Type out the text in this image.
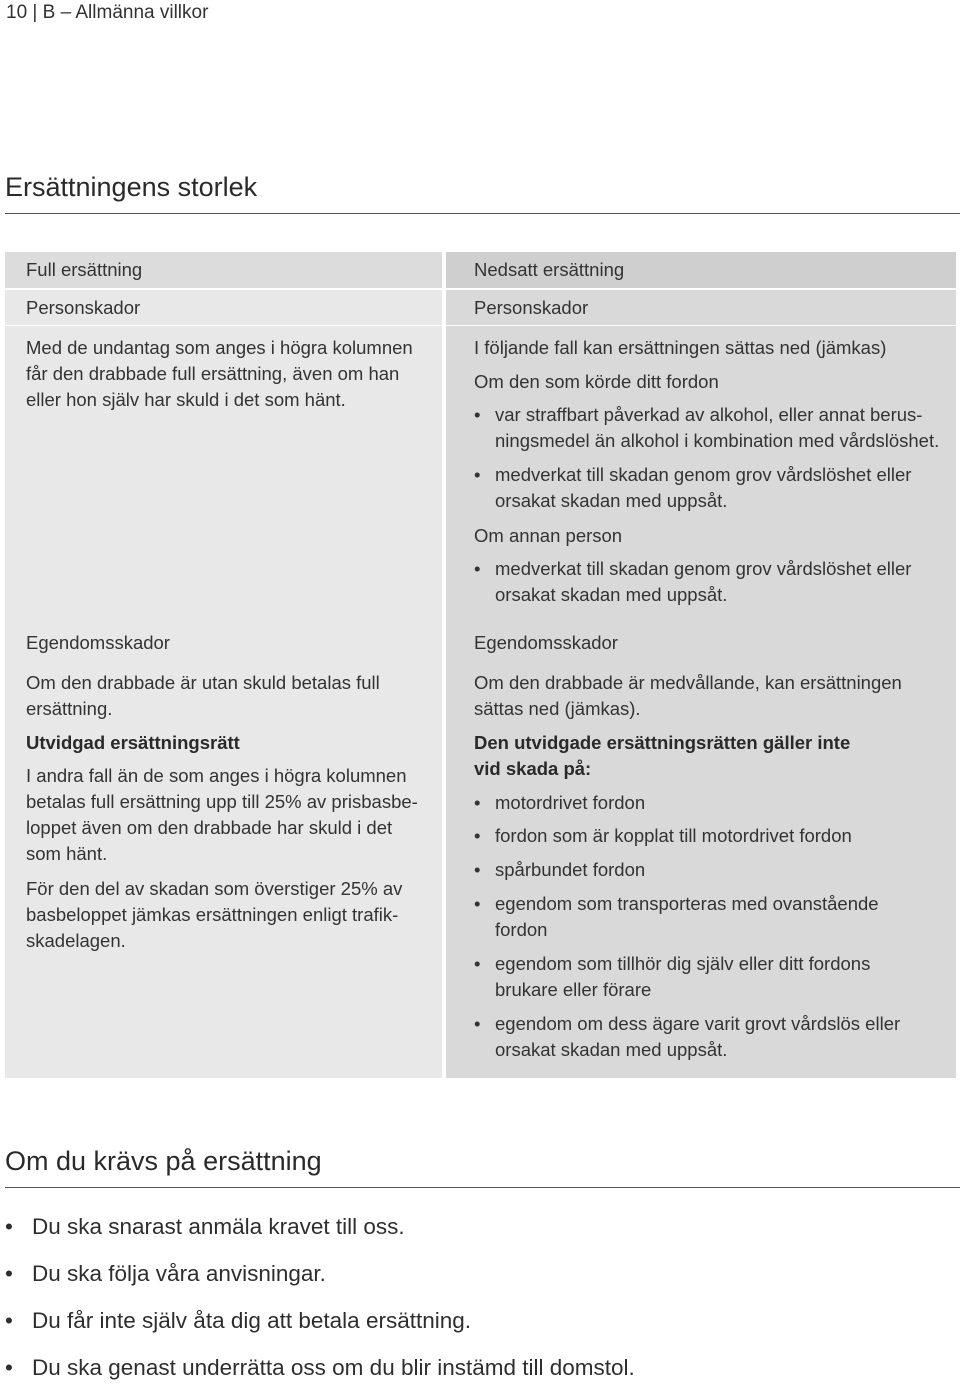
10 | B – Allmänna villkor
Ersättningens storlek
Full ersättning
Personskador
Med de undantag som anges i högra kolumnen
får den drabbade full ersättning, även om han
eller hon själv har skuld i det som hänt.
Egendomsskador
Om den drabbade är utan skuld betalas full
ersättning.
Utvidgad ersättningsrätt
I andra fall än de som anges i högra kolumnen
betalas full ersättning upp till 25% av prisbasbe-
loppet även om den drabbade har skuld i det
som hänt.
För den del av skadan som överstiger 25% av
basbeloppet jämkas ersättningen enligt trafik-
skadelagen.
Nedsatt ersättning
Personskador
I följande fall kan ersättningen sättas ned (jämkas)
Om den som körde ditt fordon
• var straffbart påverkad av alkohol, eller annat berus-
ningsmedel än alkohol i kombination med vårdslöshet.
• medverkat till skadan genom grov vårdslöshet eller
orsakat skadan med uppsåt.
Om annan person
• medverkat till skadan genom grov vårdslöshet eller
orsakat skadan med uppsåt.
Egendomsskador
Om den drabbade är medvållande, kan ersättningen
sättas ned (jämkas).
Den utvidgade ersättningsrätten gäller inte
vid skada på:
• motordrivet fordon
• fordon som är kopplat till motordrivet fordon
• spårbundet fordon
• egendom som transporteras med ovanstående
fordon
• egendom som tillhör dig själv eller ditt fordons
brukare eller förare
• egendom om dess ägare varit grovt vårdslös eller
orsakat skadan med uppsåt.
Om du krävs på ersättning
• Du ska snarast anmäla kravet till oss.
• Du ska följa våra anvisningar.
• Du får inte själv åta dig att betala ersättning.
• Du ska genast underrätta oss om du blir instämd till domstol.
